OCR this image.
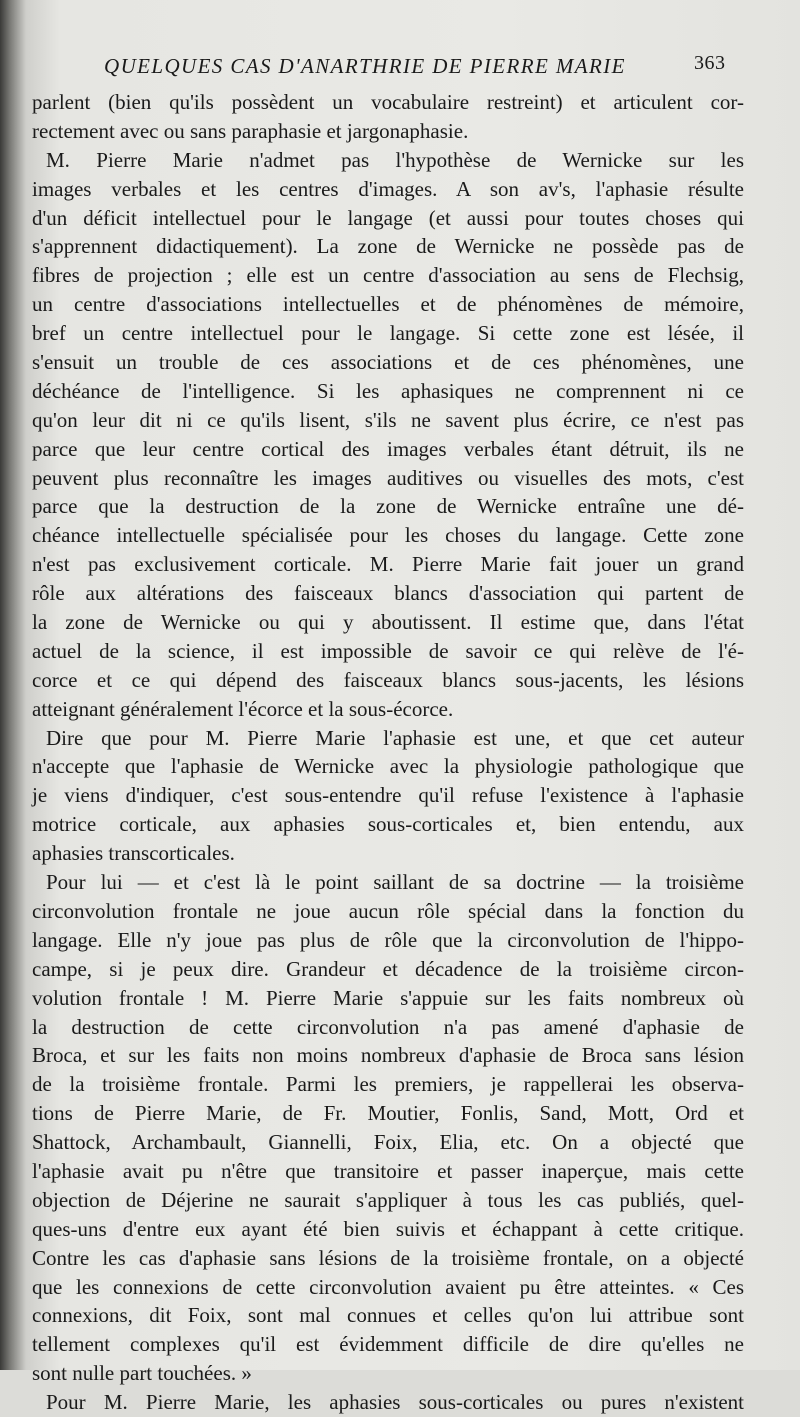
QUELQUES CAS D'ANARTHRIE DE PIERRE MARIE	363
parlent (bien qu'ils possèdent un vocabulaire restreint) et articulent cor-
rectement avec ou sans paraphasie et jargonaphasie.
M. Pierre Marie n'admet pas l'hypothèse de Wernicke sur les
images verbales et les centres d'images. A son av's, l'aphasie résulte
d'un déficit intellectuel pour le langage (et aussi pour toutes choses qui
s'apprennent didactiquement). La zone de Wernicke ne possède pas de
fibres de projection ; elle est un centre d'association au sens de Flechsig,
un centre d'associations intellectuelles et de phénomènes de mémoire,
bref un centre intellectuel pour le langage. Si cette zone est lésée, il
s'ensuit un trouble de ces associations et de ces phénomènes, une
déchéance de l'intelligence. Si les aphasiques ne comprennent ni ce
qu'on leur dit ni ce qu'ils lisent, s'ils ne savent plus écrire, ce n'est pas
parce que leur centre cortical des images verbales étant détruit, ils ne
peuvent plus reconnaître les images auditives ou visuelles des mots, c'est
parce que la destruction de la zone de Wernicke entraîne une dé-
chéance intellectuelle spécialisée pour les choses du langage. Cette zone
n'est pas exclusivement corticale. M. Pierre Marie fait jouer un grand
rôle aux altérations des faisceaux blancs d'association qui partent de
la zone de Wernicke ou qui y aboutissent. Il estime que, dans l'état
actuel de la science, il est impossible de savoir ce qui relève de l'é-
corce et ce qui dépend des faisceaux blancs sous-jacents, les lésions
atteignant généralement l'écorce et la sous-écorce.
Dire que pour M. Pierre Marie l'aphasie est une, et que cet auteur
n'accepte que l'aphasie de Wernicke avec la physiologie pathologique que
je viens d'indiquer, c'est sous-entendre qu'il refuse l'existence à l'aphasie
motrice corticale, aux aphasies sous-corticales et, bien entendu, aux
aphasies transcorticales.
Pour lui — et c'est là le point saillant de sa doctrine — la troisième
circonvolution frontale ne joue aucun rôle spécial dans la fonction du
langage. Elle n'y joue pas plus de rôle que la circonvolution de l'hippo-
campe, si je peux dire. Grandeur et décadence de la troisième circon-
volution frontale ! M. Pierre Marie s'appuie sur les faits nombreux où
la destruction de cette circonvolution n'a pas amené d'aphasie de
Broca, et sur les faits non moins nombreux d'aphasie de Broca sans lésion
de la troisième frontale. Parmi les premiers, je rappellerai les observa-
tions de Pierre Marie, de Fr. Moutier, Fonlis, Sand, Mott, Ord et
Shattock, Archambault, Giannelli, Foix, Elia, etc. On a objecté que
l'aphasie avait pu n'être que transitoire et passer inaperçue, mais cette
objection de Déjerine ne saurait s'appliquer à tous les cas publiés, quel-
ques-uns d'entre eux ayant été bien suivis et échappant à cette critique.
Contre les cas d'aphasie sans lésions de la troisième frontale, on a objecté
que les connexions de cette circonvolution avaient pu être atteintes. « Ces
connexions, dit Foix, sont mal connues et celles qu'on lui attribue sont
tellement complexes qu'il est évidemment difficile de dire qu'elles ne
sont nulle part touchées. »
Pour M. Pierre Marie, les aphasies sous-corticales ou pures n'existent
